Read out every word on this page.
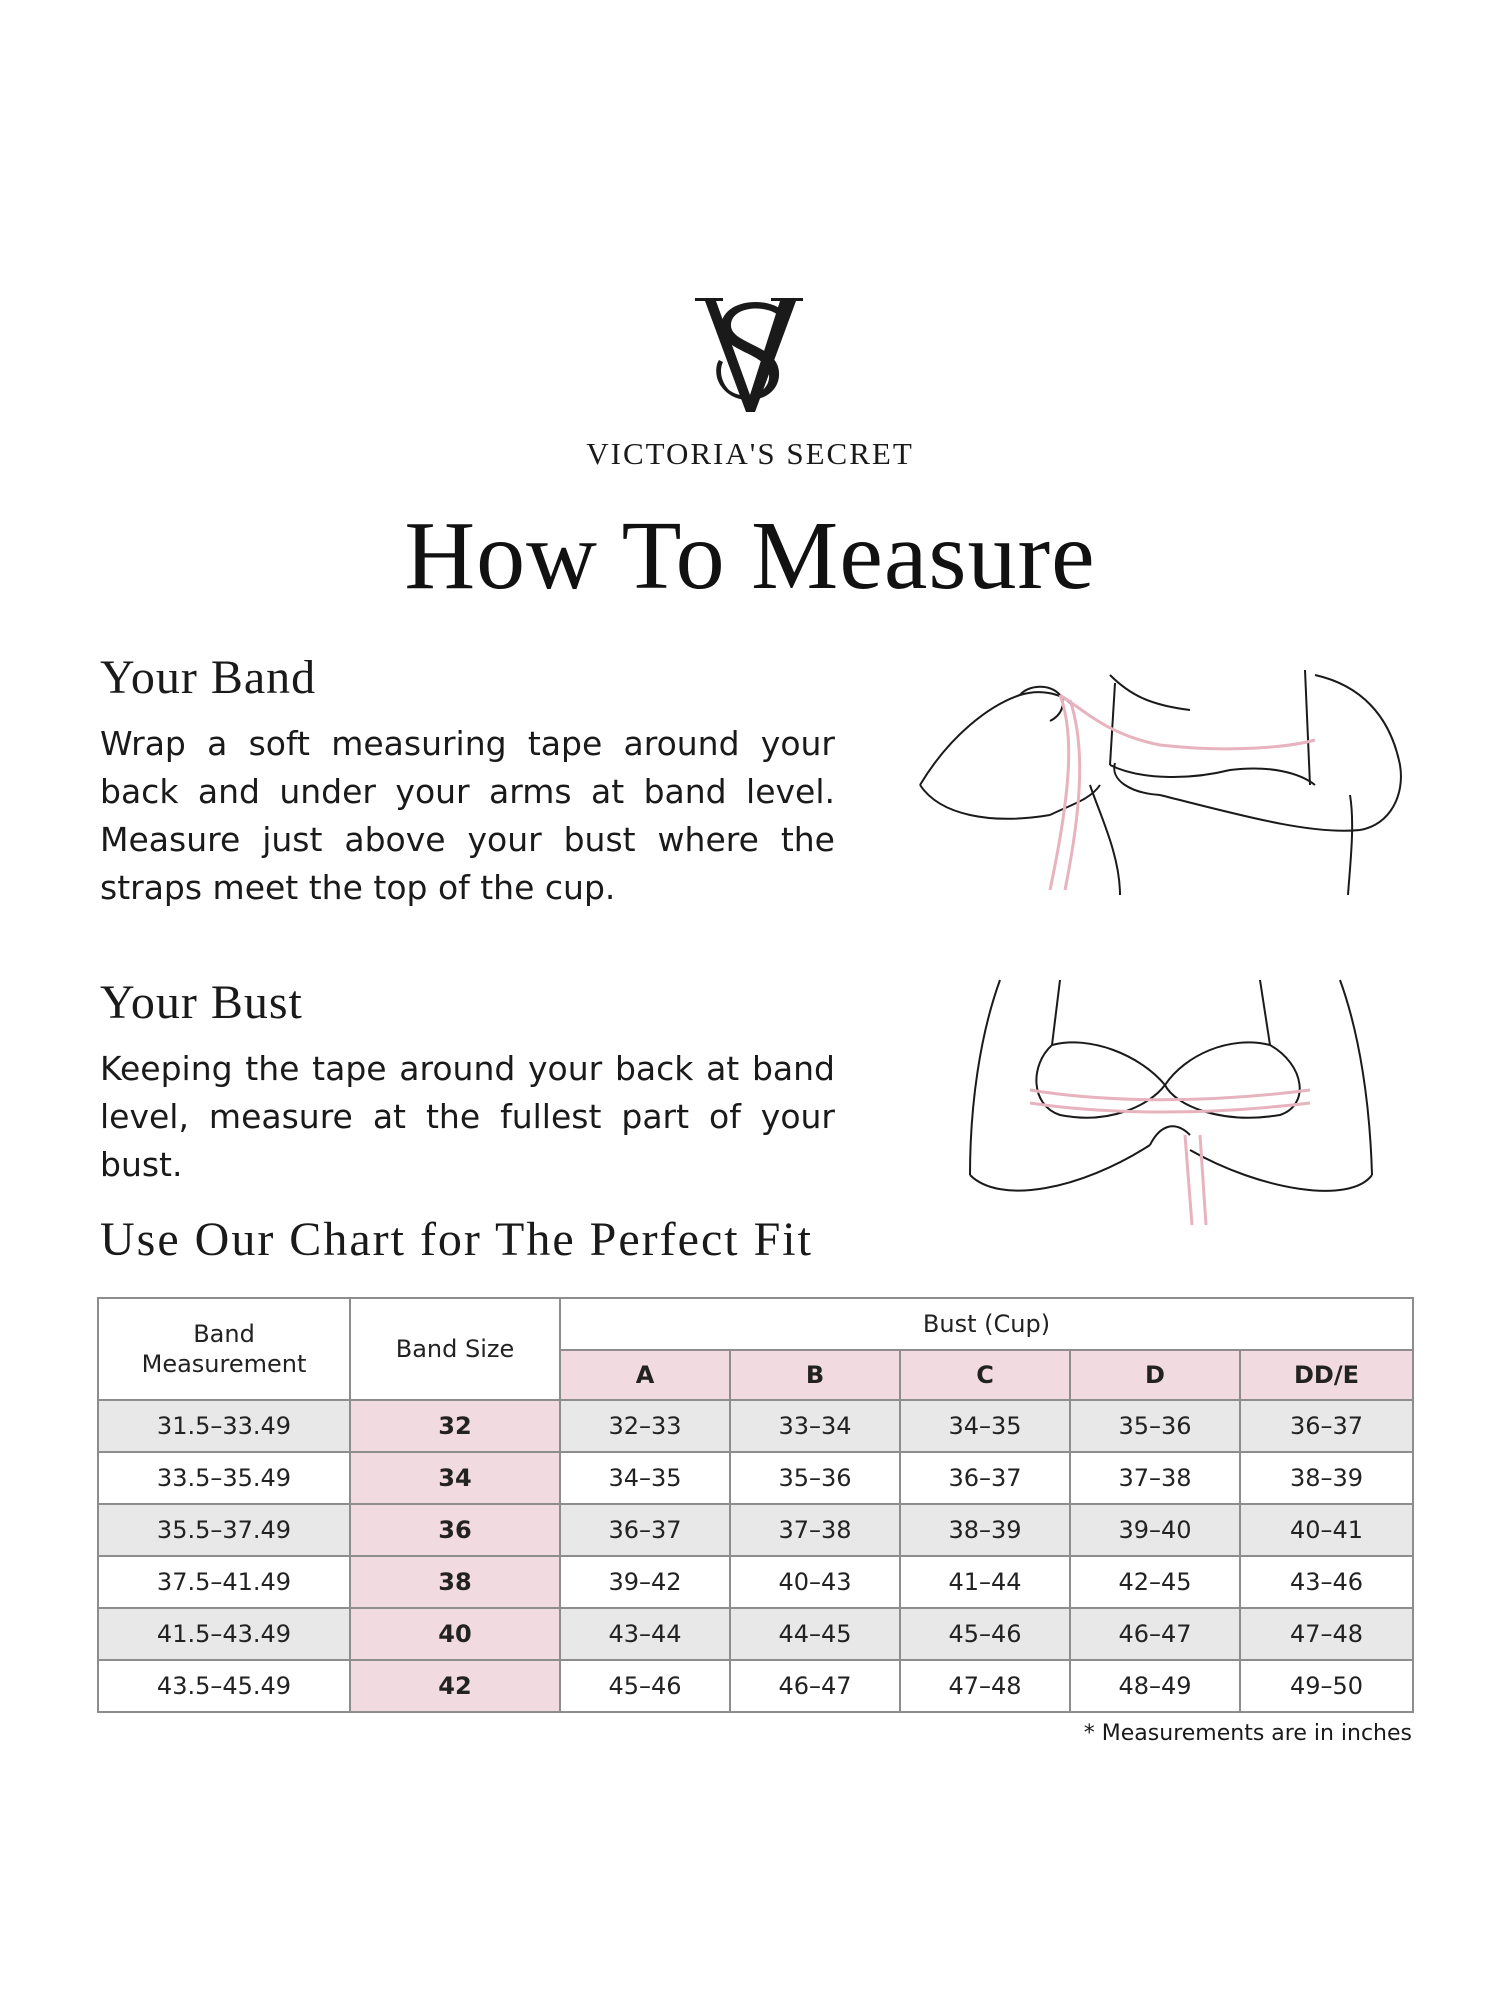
VICTORIA'S SECRET
How To Measure
Your Band
Wrap a soft measuring tape around your back and under your arms at band level. Measure just above your bust where the straps meet the top of the cup.
Your Bust
Keeping the tape around your back at band level, measure at the fullest part of your bust.
Use Our Chart for The Perfect Fit
Band Measurement	Band Size	Bust (Cup)				
		A	B	C	D	DD/E
31.5–33.49	32	32–33	33–34	34–35	35–36	36–37
33.5–35.49	34	34–35	35–36	36–37	37–38	38–39
35.5–37.49	36	36–37	37–38	38–39	39–40	40–41
37.5–41.49	38	39–42	40–43	41–44	42–45	43–46
41.5–43.49	40	43–44	44–45	45–46	46–47	47–48
43.5–45.49	42	45–46	46–47	47–48	48–49	49–50
* Measurements are in inches
